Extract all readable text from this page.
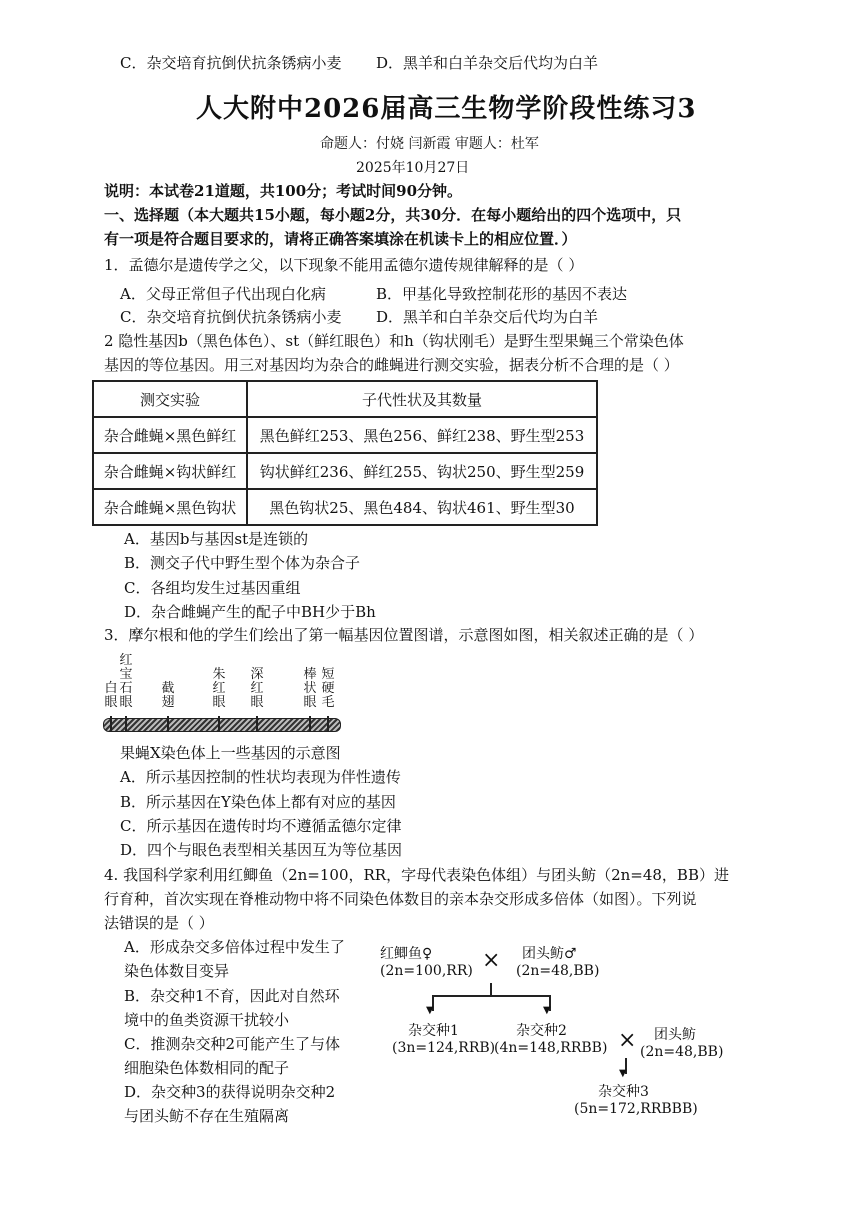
C．杂交培育抗倒伏抗条锈病小麦 D．黑羊和白羊杂交后代均为白羊
人大附中2026届高三生物学阶段性练习3
命题人：付娆 闫新霞 审题人：杜军
2025年10月27日
说明：本试卷21道题，共100分；考试时间90分钟。
一、选择题（本大题共15小题，每小题2分，共30分．在每小题给出的四个选项中，只
有一项是符合题目要求的，请将正确答案填涂在机读卡上的相应位置．）
1．孟德尔是遗传学之父，以下现象不能用孟德尔遗传规律解释的是（ ）
A．父母正常但子代出现白化病	B．甲基化导致控制花形的基因不表达
C．杂交培育抗倒伏抗条锈病小麦 D．黑羊和白羊杂交后代均为白羊
2 隐性基因b（黑色体色）、st（鲜红眼色）和h（钩状刚毛）是野生型果蝇三个常染色体
基因的等位基因。用三对基因均为杂合的雌蝇进行测交实验，据表分析不合理的是（ ）
测交实验	子代性状及其数量
杂合雌蝇×黑色鲜红	黑色鲜红253、黑色256、鲜红238、野生型253
杂合雌蝇×钩状鲜红	钩状鲜红236、鲜红255、钩状250、野生型259
杂合雌蝇×黑色钩状	黑色钩状25、黑色484、钩状461、野生型30
A．基因b与基因st是连锁的
B．测交子代中野生型个体为杂合子
C．各组均发生过基因重组
D．杂合雌蝇产生的配子中BH少于Bh
3．摩尔根和他的学生们绘出了第一幅基因位置图谱，示意图如图，相关叙述正确的是（ ）
白眼
红宝石眼
截翅
朱红眼
深红眼
棒状眼
短硬毛
果蝇X染色体上一些基因的示意图
A．所示基因控制的性状均表现为伴性遗传
B．所示基因在Y染色体上都有对应的基因
C．所示基因在遗传时均不遵循孟德尔定律
D．四个与眼色表型相关基因互为等位基因
4. 我国科学家利用红鲫鱼（2n=100，RR，字母代表染色体组）与团头鲂（2n=48，BB）进
行育种，首次实现在脊椎动物中将不同染色体数目的亲本杂交形成多倍体（如图）。下列说
法错误的是（ ）
A．形成杂交多倍体过程中发生了
染色体数目变异
B．杂交种1不育，因此对自然环
境中的鱼类资源干扰较小
C．推测杂交种2可能产生了与体
细胞染色体数相同的配子
D．杂交种3的获得说明杂交种2
与团头鲂不存在生殖隔离
红鲫鱼♀
(2n=100,RR) × 团头鲂♂
(2n=48,BB)
▼	▼
杂交种1
(3n=124,RRB)
杂交种2
(4n=148,RRBB) × 团头鲂
(2n=48,BB)
▼
杂交种3
(5n=172,RRBBB)
